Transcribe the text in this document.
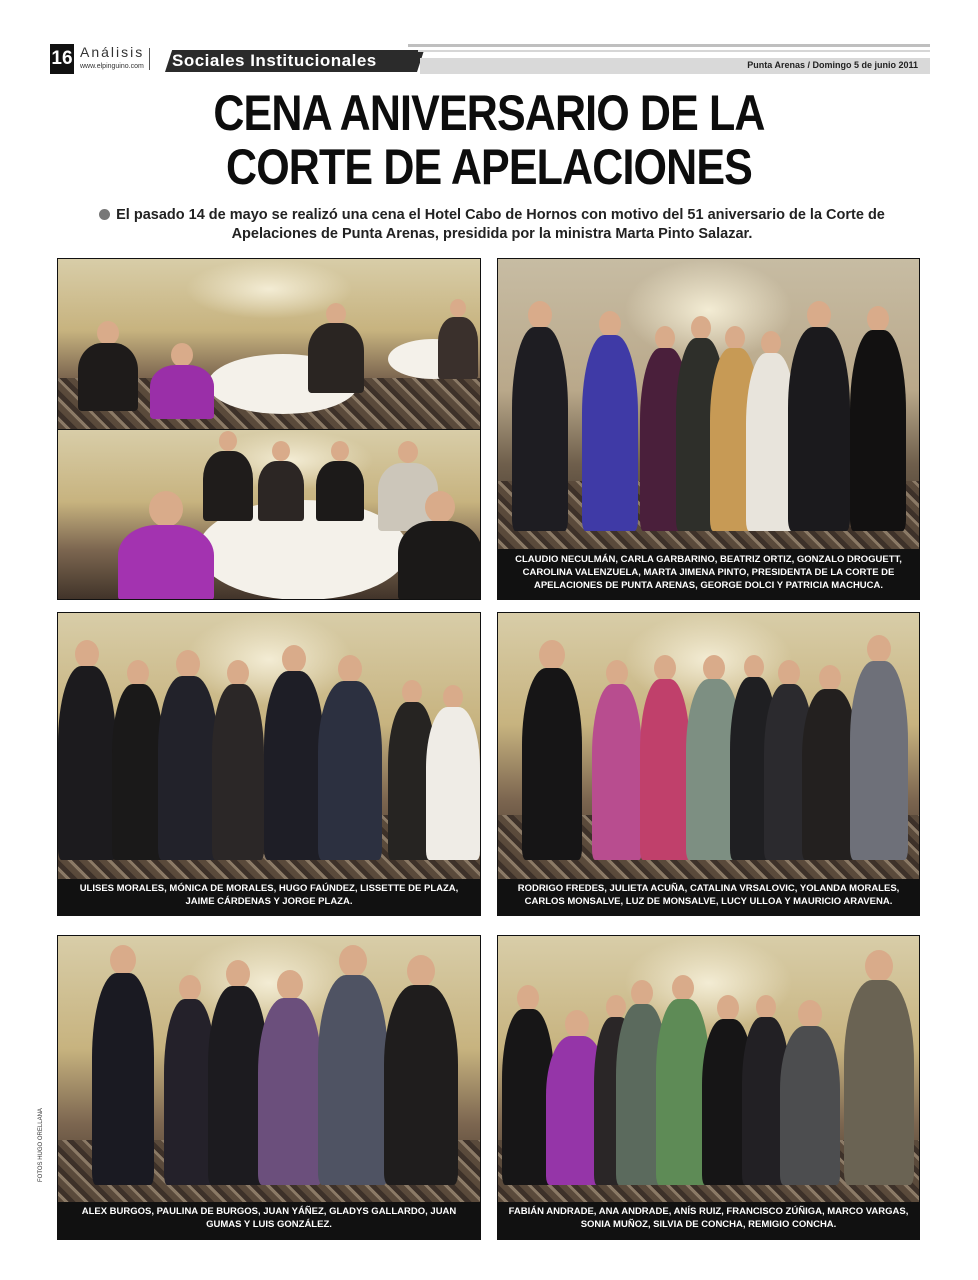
16 Análisis
www.elpinguino.com Sociales Institucionales	Punta Arenas / Domingo 5 de junio 2011
CENA ANIVERSARIO DE LA
CORTE DE APELACIONES
El pasado 14 de mayo se realizó una cena el Hotel Cabo de Hornos con motivo del 51 aniversario de la Corte de Apelaciones de Punta Arenas, presidida por la ministra Marta Pinto Salazar.
CLAUDIO NECULMÁN, CARLA GARBARINO, BEATRIZ ORTIZ, GONZALO DROGUETT, CAROLINA VALENZUELA, MARTA JIMENA PINTO, PRESIDENTA DE LA CORTE DE APELACIONES DE PUNTA ARENAS, GEORGE DOLCI Y PATRICIA MACHUCA.
ULISES MORALES, MÓNICA DE MORALES, HUGO FAÚNDEZ, LISSETTE DE PLAZA, JAIME CÁRDENAS Y JORGE PLAZA.
RODRIGO FREDES, JULIETA ACUÑA, CATALINA VRSALOVIC, YOLANDA MORALES, CARLOS MONSALVE, LUZ DE MONSALVE, LUCY ULLOA Y MAURICIO ARAVENA.
ALEX BURGOS, PAULINA DE BURGOS, JUAN YÁÑEZ, GLADYS GALLARDO, JUAN GUMAS Y LUIS GONZÁLEZ.
FABIÁN ANDRADE, ANA ANDRADE, ANÍS RUIZ, FRANCISCO ZÚÑIGA, MARCO VARGAS, SONIA MUÑOZ, SILVIA DE CONCHA, REMIGIO CONCHA.
FOTOS HUGO ORELLANA
